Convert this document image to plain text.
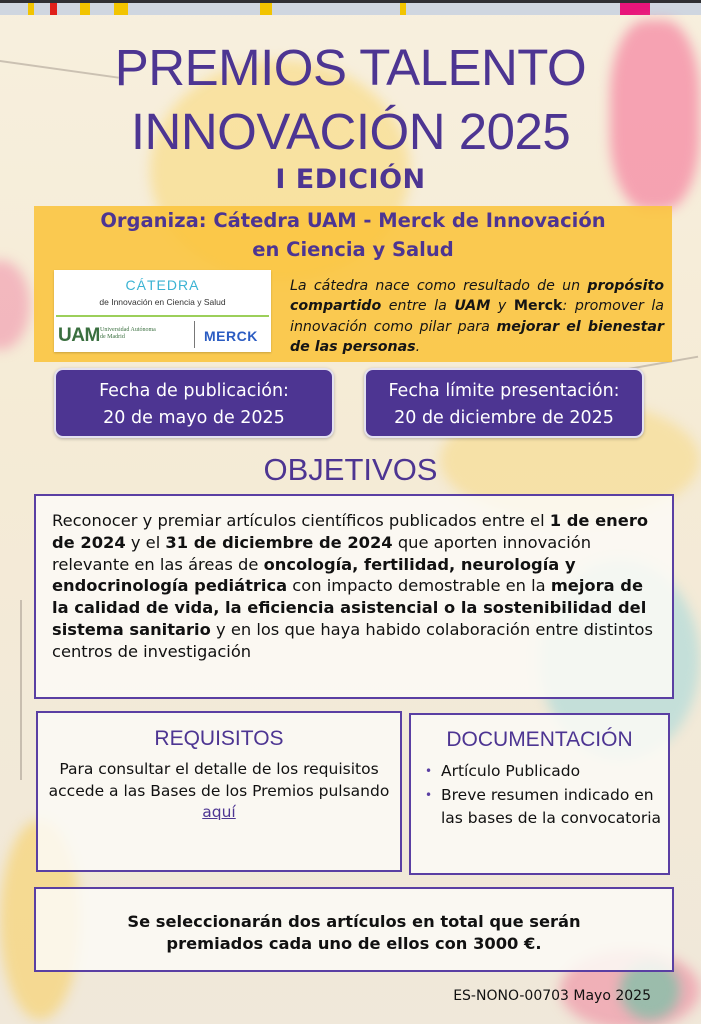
PREMIOS TALENTO
INNOVACIÓN 2025
I EDICIÓN
Organiza: Cátedra UAM - Merck de Innovación
en Ciencia y Salud
CÁTEDRA
de Innovación en Ciencia y Salud
UAM Universidad Autónoma
de Madrid	MERCK
La cátedra nace como resultado de un propósito compartido entre la UAM y Merck: promover la innovación como pilar para mejorar el bienestar de las personas.
Fecha de publicación:
20 de mayo de 2025
Fecha límite presentación:
20 de diciembre de 2025
OBJETIVOS
Reconocer y premiar artículos científicos publicados entre el 1 de enero de 2024 y el 31 de diciembre de 2024 que aporten innovación relevante en las áreas de oncología, fertilidad, neurología y endocrinología pediátrica con impacto demostrable en la mejora de la calidad de vida, la eficiencia asistencial o la sostenibilidad del sistema sanitario y en los que haya habido colaboración entre distintos centros de investigación
REQUISITOS
Para consultar el detalle de los requisitos accede a las Bases de los Premios pulsando aquí
DOCUMENTACIÓN
• Artículo Publicado
• Breve resumen indicado en las bases de la convocatoria
Se seleccionarán dos artículos en total que serán
premiados cada uno de ellos con 3000 €.
ES-NONO-00703 Mayo 2025
